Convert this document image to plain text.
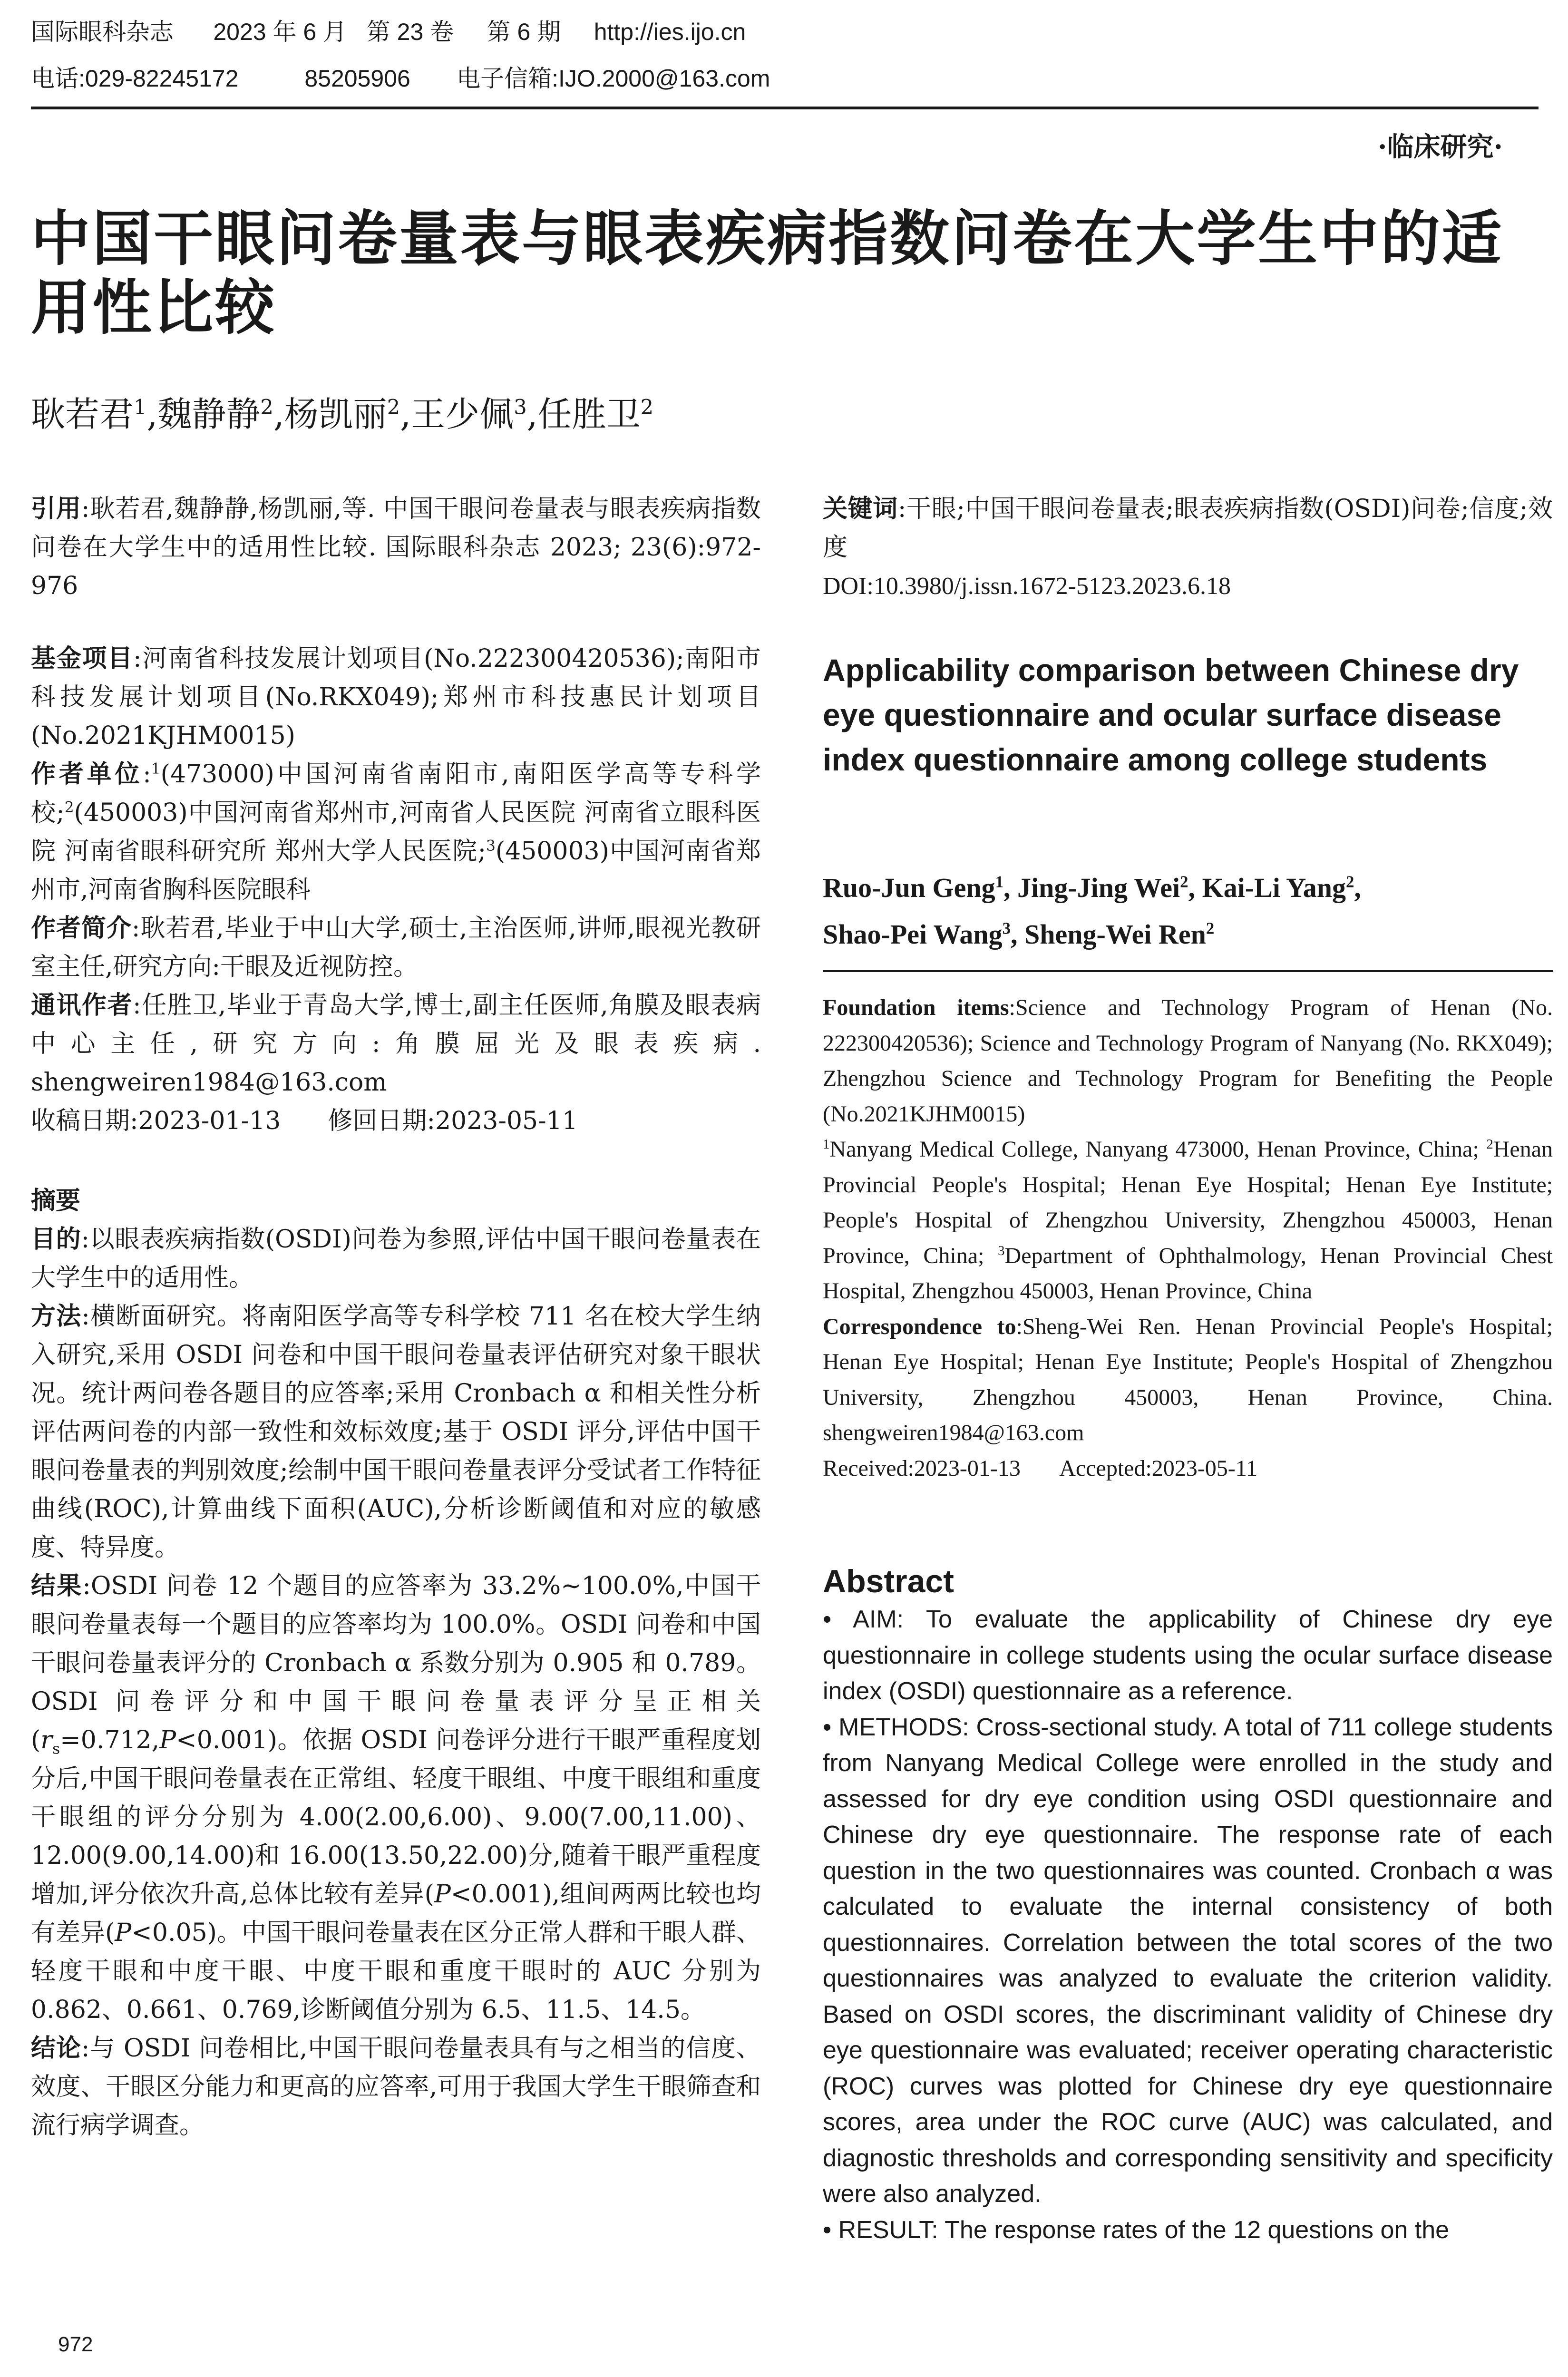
国际眼科杂志 2023 年 6 月 第 23 卷 第 6 期 http://ies.ijo.cn
电话:029-82245172	85205906 电子信箱:IJO.2000@163.com
·临床研究·
中国干眼问卷量表与眼表疾病指数问卷在大学生中的适
用性比较
耿若君$^1$,魏静静$^2$,杨凯丽$^2$,王少佩$^3$,任胜卫$^2$

引用:耿若君,魏静静,杨凯丽,等. 中国干眼问卷量表与眼表疾病指数问卷在大学生中的适用性比较. 国际眼科杂志 2023; 23(6):972-976

基金项目:河南省科技发展计划项目(No.222300420536);南阳市科技发展计划项目(No.RKX049);郑州市科技惠民计划项目(No.2021KJHM0015)

作者单位:$^1$(473000)中国河南省南阳市,南阳医学高等专科学校;$^2$(450003)中国河南省郑州市,河南省人民医院 河南省立眼科医院 河南省眼科研究所 郑州大学人民医院;$^3$(450003)中国河南省郑州市,河南省胸科医院眼科

作者简介:耿若君,毕业于中山大学,硕士,主治医师,讲师,眼视光教研室主任,研究方向:干眼及近视防控。

通讯作者:任胜卫,毕业于青岛大学,博士,副主任医师,角膜及眼表病中心主任,研究方向:角膜屈光及眼表疾病. shengweiren1984@163.com

收稿日期:2023-01-13 修回日期:2023-05-11

摘要

目的:以眼表疾病指数(OSDI)问卷为参照,评估中国干眼问卷量表在大学生中的适用性。

方法:横断面研究。将南阳医学高等专科学校 711 名在校大学生纳入研究,采用 OSDI 问卷和中国干眼问卷量表评估研究对象干眼状况。统计两问卷各题目的应答率;采用 Cronbach α 和相关性分析评估两问卷的内部一致性和效标效度;基于 OSDI 评分,评估中国干眼问卷量表的判别效度;绘制中国干眼问卷量表评分受试者工作特征曲线(ROC),计算曲线下面积(AUC),分析诊断阈值和对应的敏感度、特异度。

结果:OSDI 问卷 12 个题目的应答率为 33.2%~100.0%,中国干眼问卷量表每一个题目的应答率均为 100.0%。OSDI 问卷和中国干眼问卷量表评分的 Cronbach α 系数分别为 0.905 和 0.789。OSDI 问卷评分和中国干眼问卷量表评分呈正相关$(r_s=0.712,P<0.001)$。依据 OSDI 问卷评分进行干眼严重程度划分后,中国干眼问卷量表在正常组、轻度干眼组、中度干眼组和重度干眼组的评分分别为 4.00(2.00,6.00)、9.00(7.00,11.00)、12.00(9.00,14.00)和 16.00(13.50,22.00)分,随着干眼严重程度增加,评分依次升高,总体比较有差异(P<0.001),组间两两比较也均有差异(P<0.05)。中国干眼问卷量表在区分正常人群和干眼人群、轻度干眼和中度干眼、中度干眼和重度干眼时的 AUC 分别为 0.862、0.661、0.769,诊断阈值分别为 6.5、11.5、14.5。

结论:与 OSDI 问卷相比,中国干眼问卷量表具有与之相当的信度、效度、干眼区分能力和更高的应答率,可用于我国大学生干眼筛查和流行病学调查。

关键词:干眼;中国干眼问卷量表;眼表疾病指数(OSDI)问卷;信度;效度

DOI:10.3980/j.issn.1672-5123.2023.6.18

Applicability comparison between Chinese dry eye questionnaire and ocular surface disease index questionnaire among college students
Ruo-Jun Geng$^1$, Jing-Jing Wei$^2$, Kai-Li Yang$^2$,
Shao-Pei Wang$^3$, Sheng-Wei Ren$^2$

Foundation items:Science and Technology Program of Henan (No. 222300420536); Science and Technology Program of Nanyang (No. RKX049); Zhengzhou Science and Technology Program for Benefiting the People (No.2021KJHM0015)

$^1$Nanyang Medical College, Nanyang 473000, Henan Province, China; $^2$Henan Provincial People's Hospital; Henan Eye Hospital; Henan Eye Institute; People's Hospital of Zhengzhou University, Zhengzhou 450003, Henan Province, China; $^3$Department of Ophthalmology, Henan Provincial Chest Hospital, Zhengzhou 450003, Henan Province, China

Correspondence to:Sheng-Wei Ren. Henan Provincial People's Hospital; Henan Eye Hospital; Henan Eye Institute; People's Hospital of Zhengzhou University, Zhengzhou 450003, Henan Province, China. shengweiren1984@163.com

Received:2023-01-13 Accepted:2023-05-11

Abstract

• AIM: To evaluate the applicability of Chinese dry eye questionnaire in college students using the ocular surface disease index (OSDI) questionnaire as a reference.

• METHODS: Cross-sectional study. A total of 711 college students from Nanyang Medical College were enrolled in the study and assessed for dry eye condition using OSDI questionnaire and Chinese dry eye questionnaire. The response rate of each question in the two questionnaires was counted. Cronbach α was calculated to evaluate the internal consistency of both questionnaires. Correlation between the total scores of the two questionnaires was analyzed to evaluate the criterion validity. Based on OSDI scores, the discriminant validity of Chinese dry eye questionnaire was evaluated; receiver operating characteristic (ROC) curves was plotted for Chinese dry eye questionnaire scores, area under the ROC curve (AUC) was calculated, and diagnostic thresholds and corresponding sensitivity and specificity were also analyzed.

• RESULT: The response rates of the 12 questions on the

972
